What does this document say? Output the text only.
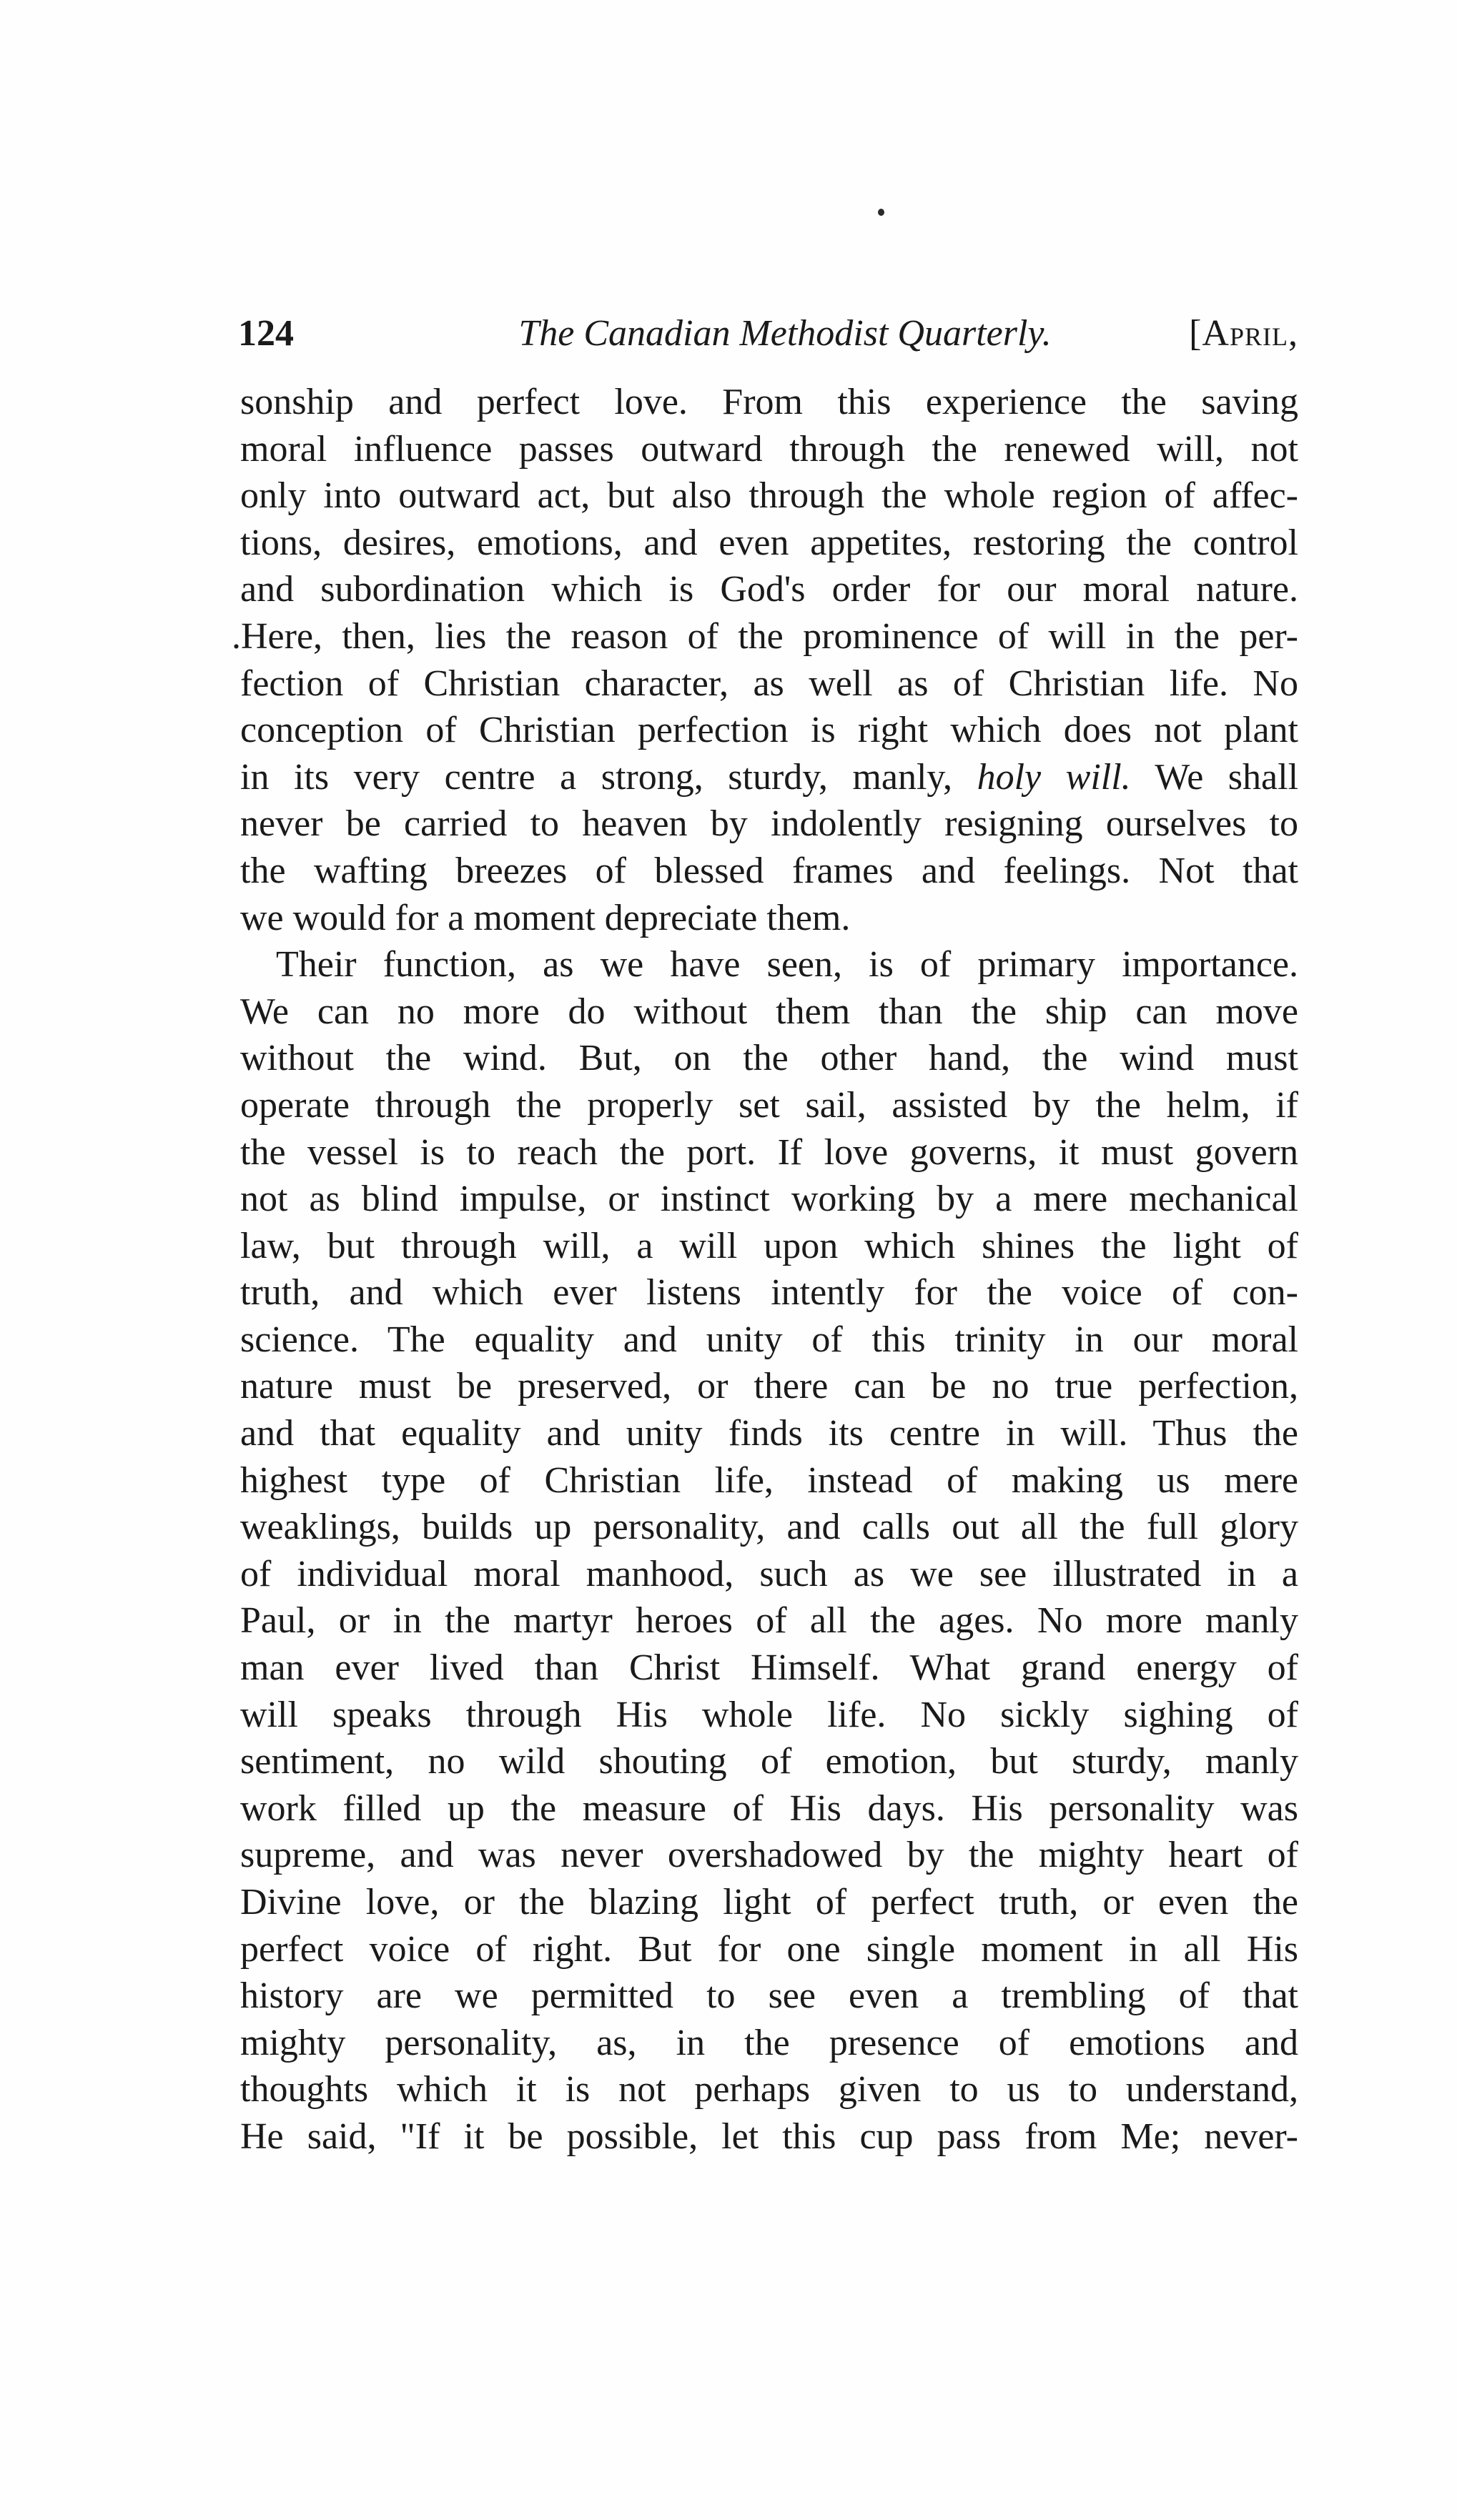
124	The Canadian Methodist Quarterly.	[April,
sonship and perfect love. From this experience the saving
moral influence passes outward through the renewed will, not
only into outward act, but also through the whole region of affec-
tions, desires, emotions, and even appetites, restoring the control
and subordination which is God's order for our moral nature.
.Here, then, lies the reason of the prominence of will in the per-
fection of Christian character, as well as of Christian life. No
conception of Christian perfection is right which does not plant
in its very centre a strong, sturdy, manly, holy will. We shall
never be carried to heaven by indolently resigning ourselves to
the wafting breezes of blessed frames and feelings. Not that
we would for a moment depreciate them.
Their function, as we have seen, is of primary importance.
We can no more do without them than the ship can move
without the wind. But, on the other hand, the wind must
operate through the properly set sail, assisted by the helm, if
the vessel is to reach the port. If love governs, it must govern
not as blind impulse, or instinct working by a mere mechanical
law, but through will, a will upon which shines the light of
truth, and which ever listens intently for the voice of con-
science. The equality and unity of this trinity in our moral
nature must be preserved, or there can be no true perfection,
and that equality and unity finds its centre in will. Thus the
highest type of Christian life, instead of making us mere
weaklings, builds up personality, and calls out all the full glory
of individual moral manhood, such as we see illustrated in a
Paul, or in the martyr heroes of all the ages. No more manly
man ever lived than Christ Himself. What grand energy of
will speaks through His whole life. No sickly sighing of
sentiment, no wild shouting of emotion, but sturdy, manly
work filled up the measure of His days. His personality was
supreme, and was never overshadowed by the mighty heart of
Divine love, or the blazing light of perfect truth, or even the
perfect voice of right. But for one single moment in all His
history are we permitted to see even a trembling of that
mighty personality, as, in the presence of emotions and
thoughts which it is not perhaps given to us to understand,
He said, "If it be possible, let this cup pass from Me; never-
